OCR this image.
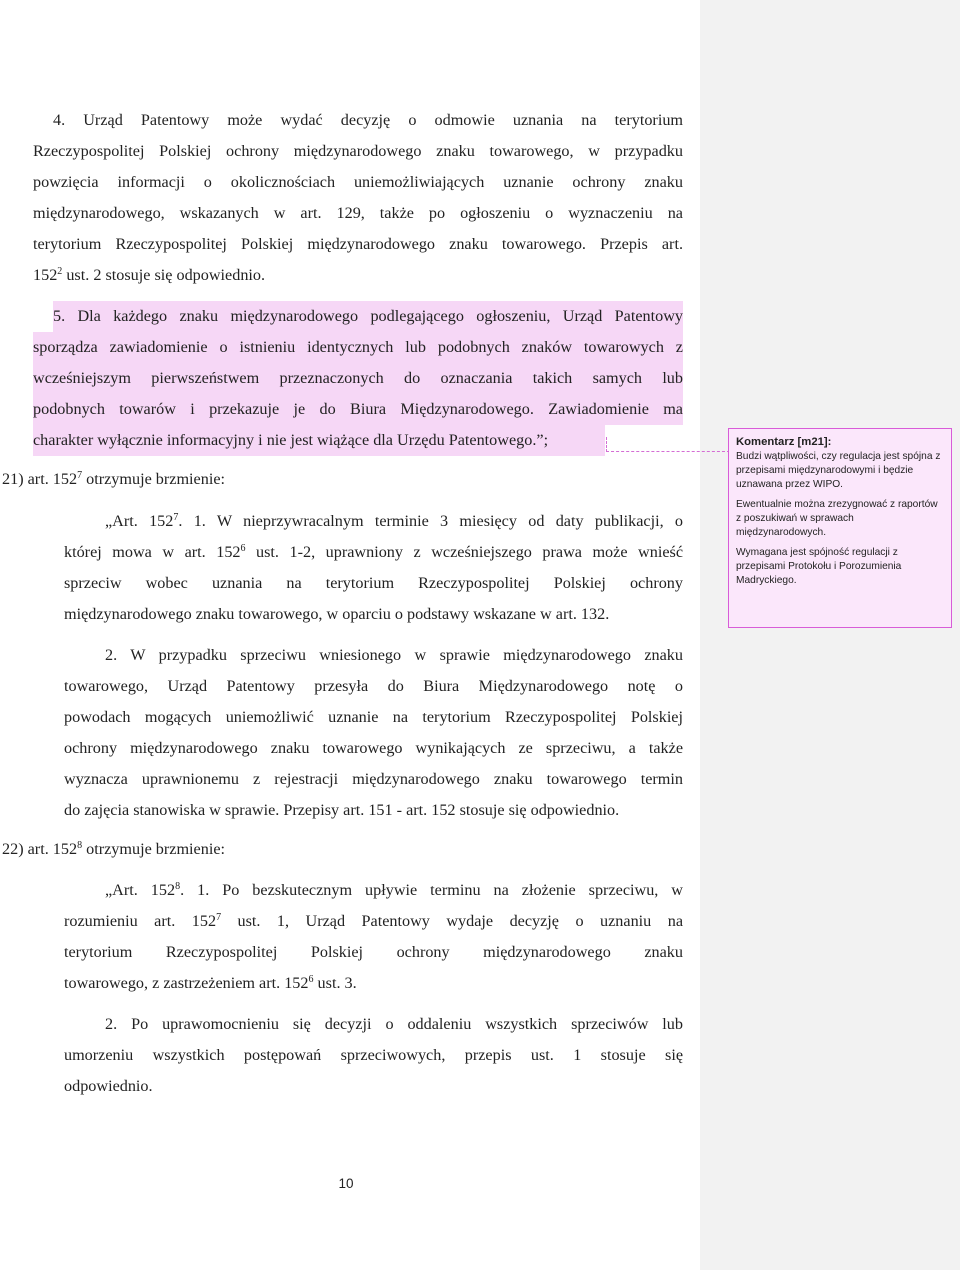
4. Urząd Patentowy może wydać decyzję o odmowie uznania na terytorium
Rzeczypospolitej Polskiej ochrony międzynarodowego znaku towarowego, w przypadku
powzięcia informacji o okolicznościach uniemożliwiających uznanie ochrony znaku
międzynarodowego, wskazanych w art. 129, także po ogłoszeniu o wyznaczeniu na
terytorium Rzeczypospolitej Polskiej międzynarodowego znaku towarowego. Przepis art.
$152^2$ ust. 2 stosuje się odpowiednio.
5. Dla każdego znaku międzynarodowego podlegającego ogłoszeniu, Urząd Patentowy
sporządza zawiadomienie o istnieniu identycznych lub podobnych znaków towarowych z
wcześniejszym pierwszeństwem przeznaczonych do oznaczania takich samych lub
podobnych towarów i przekazuje je do Biura Międzynarodowego. Zawiadomienie ma
charakter wyłącznie informacyjny i nie jest wiążące dla Urzędu Patentowego.”;
21) art. $152^7$ otrzymuje brzmienie:
„Art. $152^7$. 1. W nieprzywracalnym terminie 3 miesięcy od daty publikacji, o
której mowa w art. $152^6$ ust. 1-2, uprawniony z wcześniejszego prawa może wnieść
sprzeciw wobec uznania na terytorium Rzeczypospolitej Polskiej ochrony
międzynarodowego znaku towarowego, w oparciu o podstawy wskazane w art. 132.
2. W przypadku sprzeciwu wniesionego w sprawie międzynarodowego znaku
towarowego, Urząd Patentowy przesyła do Biura Międzynarodowego notę o
powodach mogących uniemożliwić uznanie na terytorium Rzeczypospolitej Polskiej
ochrony międzynarodowego znaku towarowego wynikających ze sprzeciwu, a także
wyznacza uprawnionemu z rejestracji międzynarodowego znaku towarowego termin
do zajęcia stanowiska w sprawie. Przepisy art. 151 - art. 152 stosuje się odpowiednio.
22) art. $152^8$ otrzymuje brzmienie:
„Art. $152^8$. 1. Po bezskutecznym upływie terminu na złożenie sprzeciwu, w
rozumieniu art. $152^7$ ust. 1, Urząd Patentowy wydaje decyzję o uznaniu na
terytorium Rzeczypospolitej Polskiej ochrony międzynarodowego znaku
towarowego, z zastrzeżeniem art. $152^6$ ust. 3.
2. Po uprawomocnieniu się decyzji o oddaleniu wszystkich sprzeciwów lub
umorzeniu wszystkich postępowań sprzeciwowych, przepis ust. 1 stosuje się
odpowiednio.
Komentarz [m21]:

Budzi wątpliwości, czy regulacja jest spójna z przepisami międzynarodowymi i będzie uznawana przez WIPO.

Ewentualnie można zrezygnować z raportów z poszukiwań w sprawach międzynarodowych.

Wymagana jest spójność regulacji z przepisami Protokołu i Porozumienia Madryckiego.

10
